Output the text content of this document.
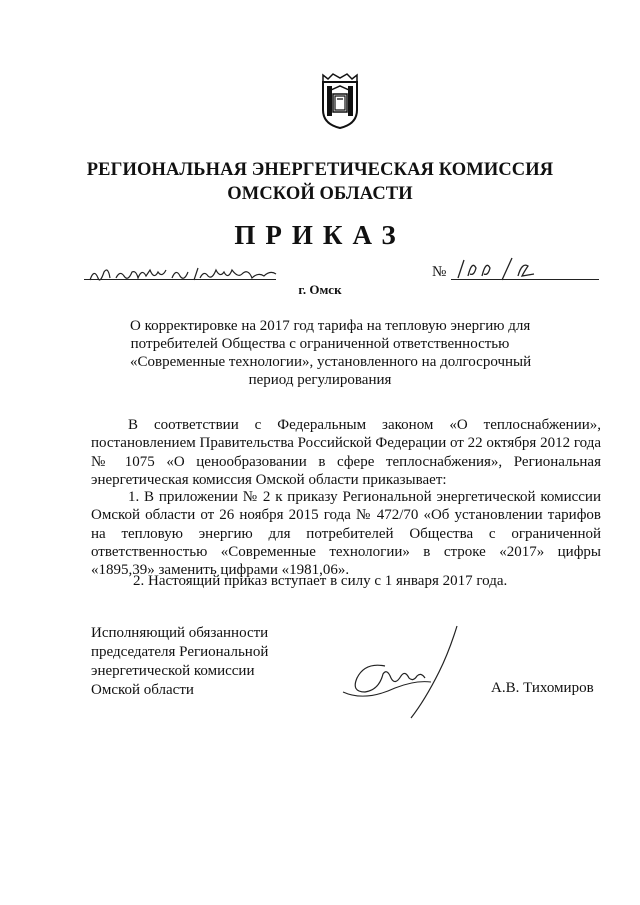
РЕГИОНАЛЬНАЯ ЭНЕРГЕТИЧЕСКАЯ КОМИССИЯ
ОМСКОЙ ОБЛАСТИ
ПРИКАЗ
№
г. Омск
О корректировке на 2017 год тарифа на тепловую энергию для
потребителей Общества с ограниченной ответственностью
«Современные технологии», установленного на долгосрочный
период регулирования
В соответствии с Федеральным законом «О теплоснабжении», постановлением Правительства Российской Федерации от 22 октября 2012 года № 1075 «О ценообразовании в сфере теплоснабжения», Региональная энергетическая комиссия Омской области приказывает:
1. В приложении № 2 к приказу Региональной энергетической комиссии Омской области от 26 ноября 2015 года № 472/70 «Об установлении тарифов на тепловую энергию для потребителей Общества с ограниченной ответственностью «Современные технологии» в строке «2017» цифры «1895,39» заменить цифрами «1981,06».
2. Настоящий приказ вступает в силу с 1 января 2017 года.
Исполняющий обязанности
председателя Региональной
энергетической комиссии
Омской области	А.В. Тихомиров
